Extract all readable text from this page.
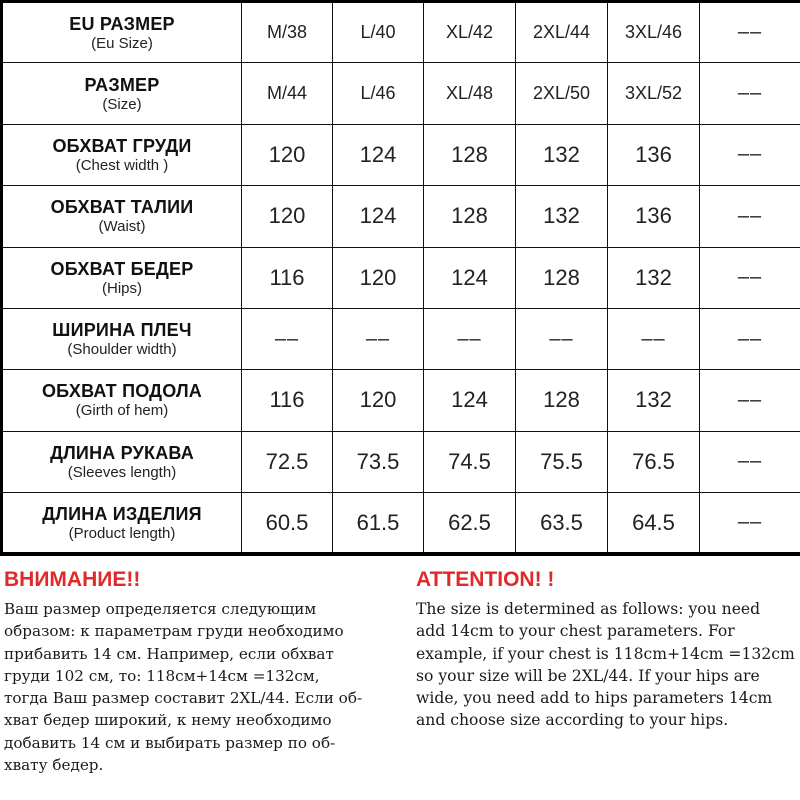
EU РАЗМЕР
(Eu Size)	M/38	L/40	XL/42	2XL/44	3XL/46	––

РАЗМЕР
(Size)	M/44	L/46	XL/48	2XL/50	3XL/52	––

ОБХВАТ ГРУДИ
(Chest width )	120	124	128	132	136	––

ОБХВАТ ТАЛИИ
(Waist)	120	124	128	132	136	––

ОБХВАТ БЕДЕР
(Hips)	116	120	124	128	132	––

ШИРИНА ПЛЕЧ
(Shoulder width)	––	––	––	––	––	––

ОБХВАТ ПОДОЛА
(Girth of hem)	116	120	124	128	132	––

ДЛИНА РУКАВА
(Sleeves length)	72.5	73.5	74.5	75.5	76.5	––

ДЛИНА ИЗДЕЛИЯ
(Product length)	60.5	61.5	62.5	63.5	64.5	––

ВНИМАНИЕ!!

Ваш размер определяется следующим
образом: к параметрам груди необходимо
прибавить 14 см. Например, если обхват
груди 102 см, то: 118см+14см =132см,
тогда Ваш размер составит 2XL/44. Если об-
хват бедер широкий, к нему необходимо
добавить 14 см и выбирать размер по об-
хвату бедер.

ATTENTION! !

The size is determined as follows: you need
add 14cm to your chest parameters. For
example, if your chest is 118cm+14cm =132cm
so your size will be 2XL/44. If your hips are
wide, you need add to hips parameters 14cm
and choose size according to your hips.
